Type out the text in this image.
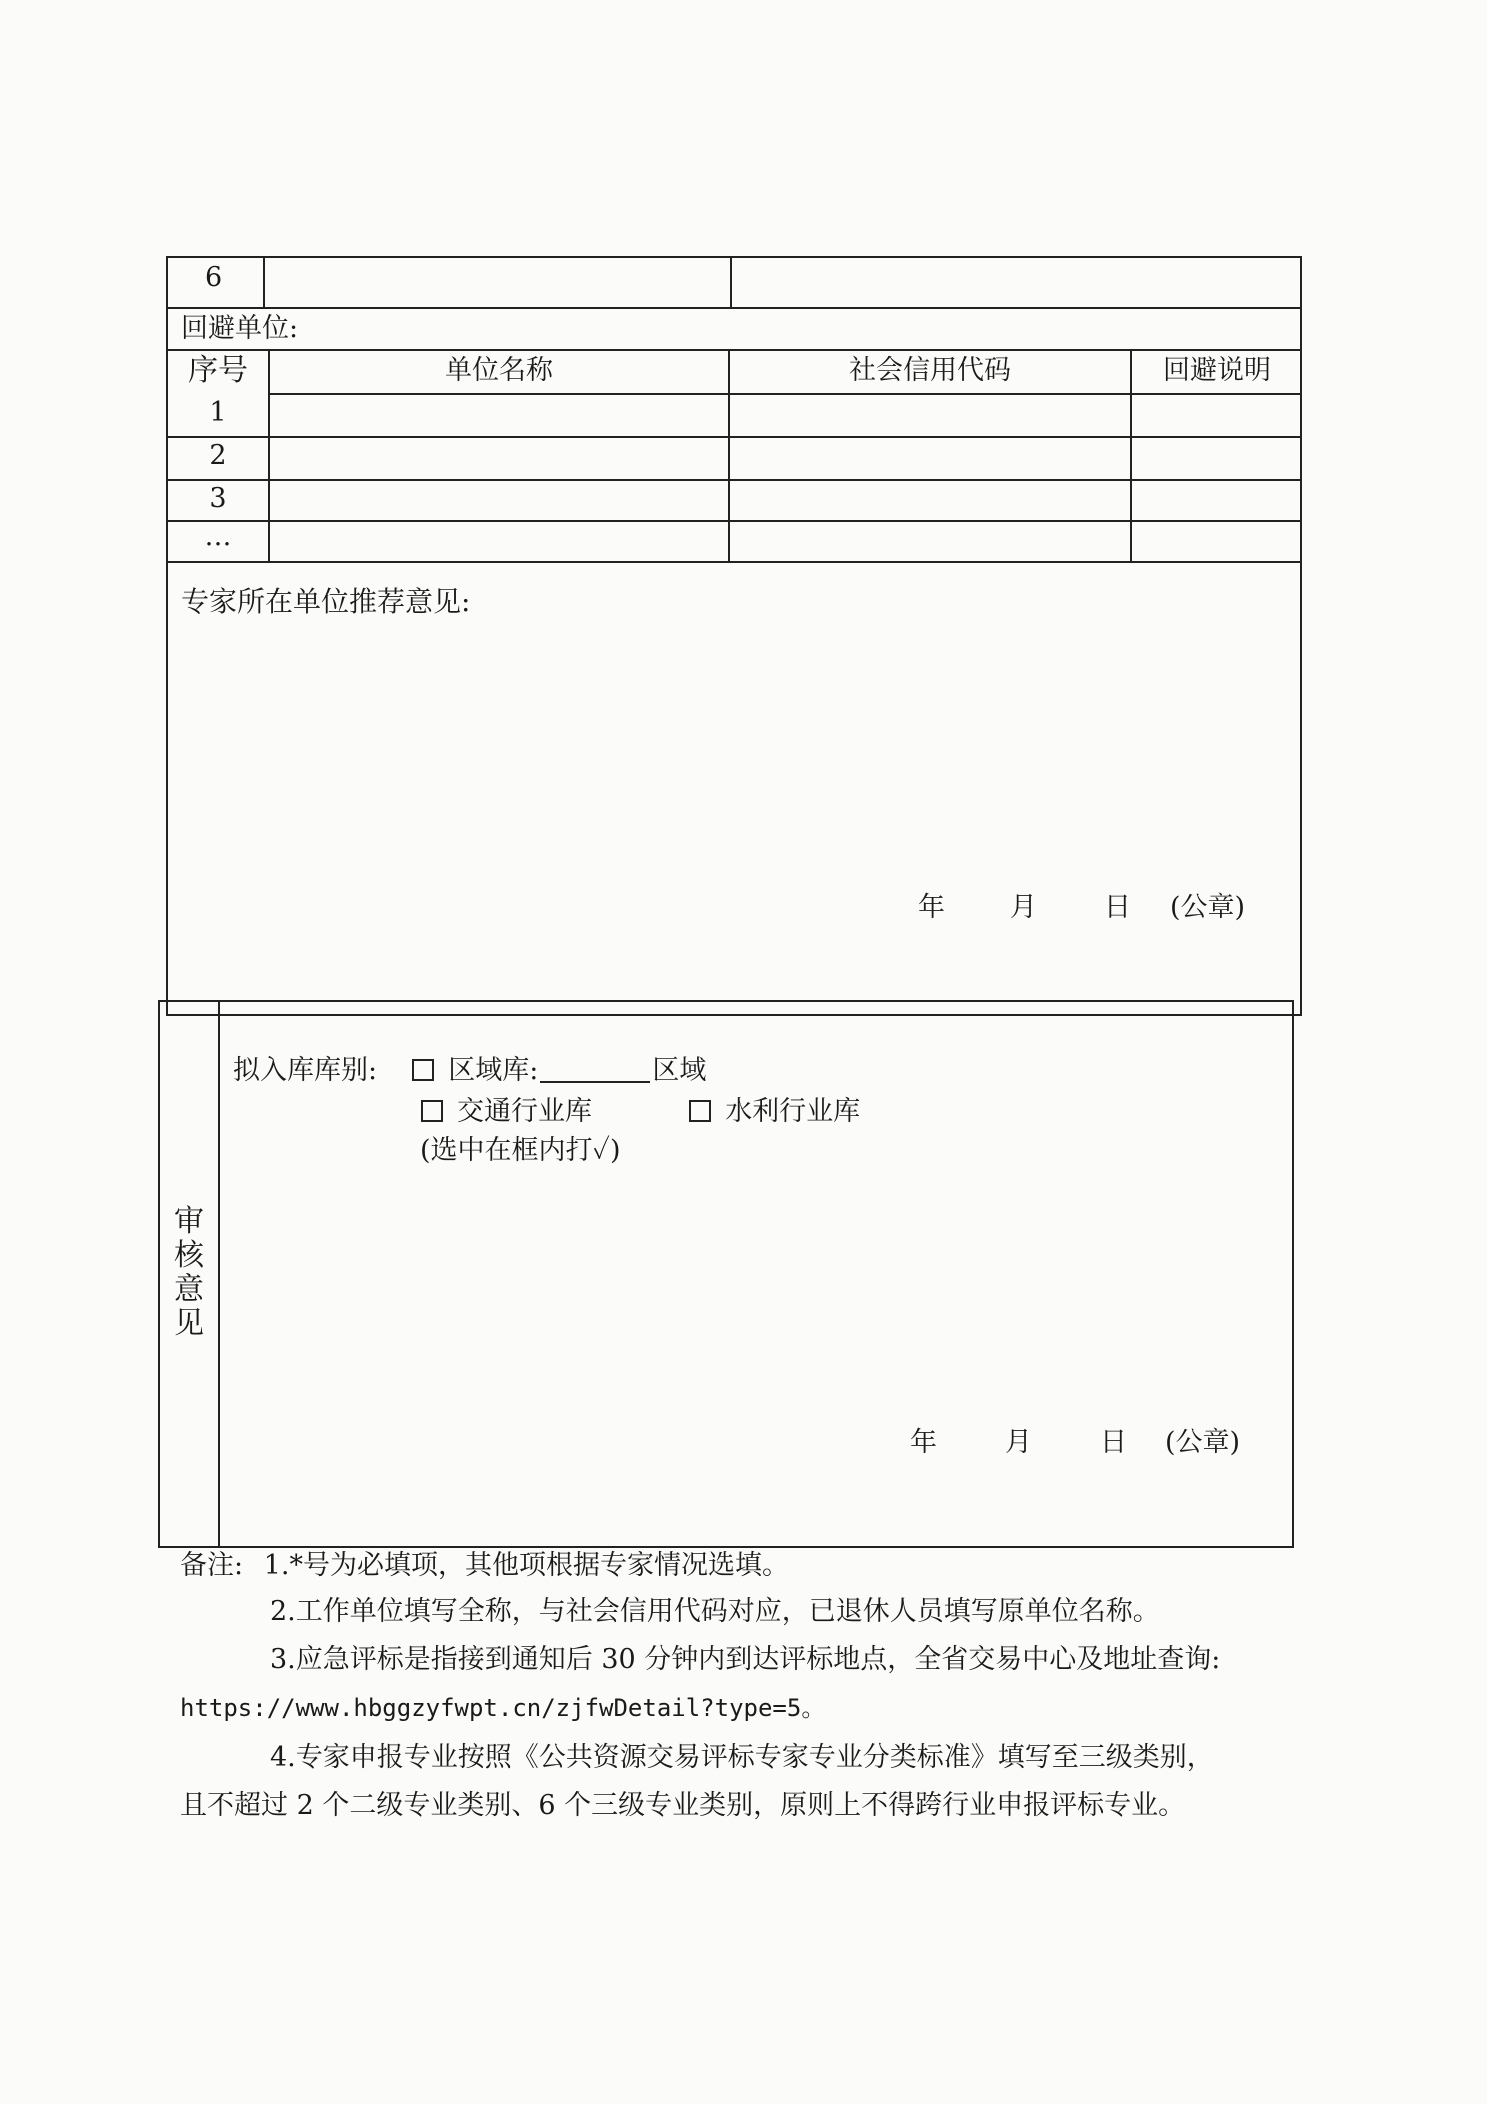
6
回避单位:
序号	单位名称	社会信用代码	回避说明
1
2
3
…
专家所在单位推荐意见:
年 月 日 (公章)
审核意见
拟入库库别:	区域库:	区域
交通行业库	水利行业库
(选中在框内打✓)
年	月	日 (公章)
备注: 1.*号为必填项，其他项根据专家情况选填。
2.工作单位填写全称，与社会信用代码对应，已退休人员填写原单位名称。
3.应急评标是指接到通知后 30 分钟内到达评标地点，全省交易中心及地址查询:
https://www.hbggzyfwpt.cn/zjfwDetail?type=5。
4.专家申报专业按照《公共资源交易评标专家专业分类标准》填写至三级类别，
且不超过 2 个二级专业类别、6 个三级专业类别，原则上不得跨行业申报评标专业。
